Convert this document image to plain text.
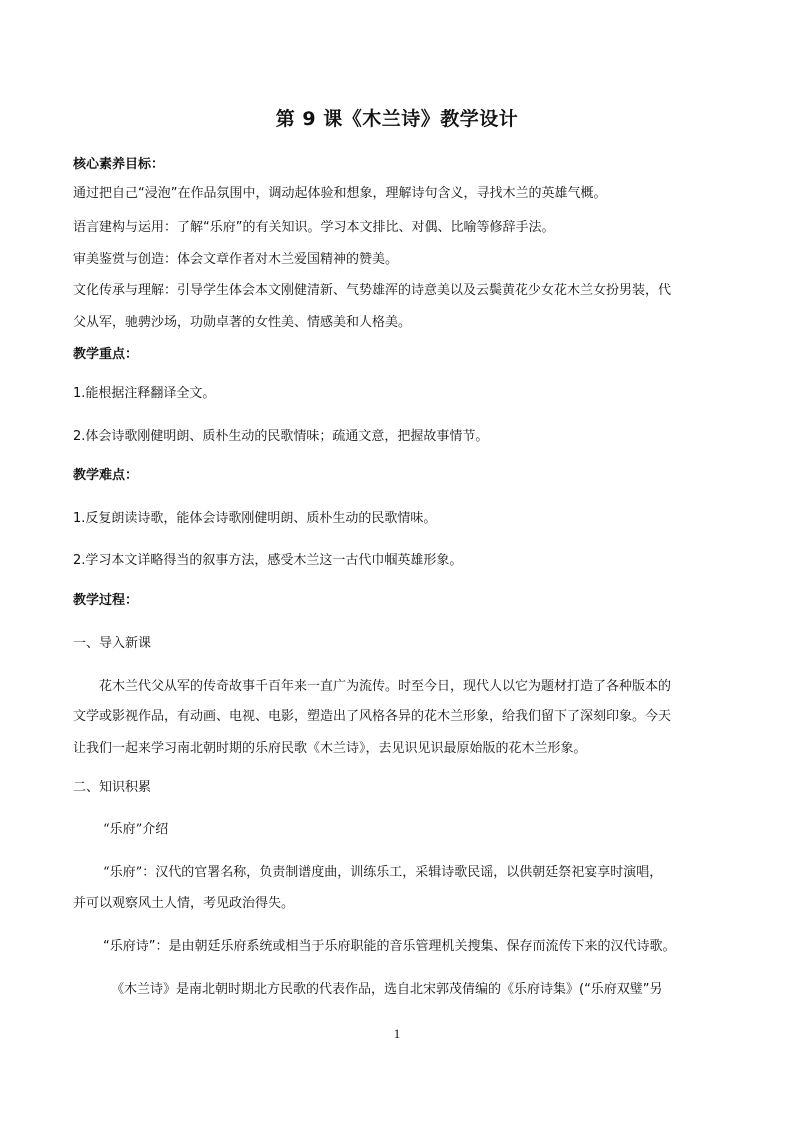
第 9 课《木兰诗》教学设计
核心素养目标：
通过把自己“浸泡”在作品氛围中，调动起体验和想象，理解诗句含义，寻找木兰的英雄气概。
语言建构与运用：了解“乐府”的有关知识。学习本文排比、对偶、比喻等修辞手法。
审美鉴赏与创造：体会文章作者对木兰爱国精神的赞美。
文化传承与理解：引导学生体会本文刚健清新、气势雄浑的诗意美以及云鬓黄花少女花木兰女扮男装，代
父从军，驰骋沙场，功勋卓著的女性美、情感美和人格美。
教学重点：
1.能根据注释翻译全文。
2.体会诗歌刚健明朗、质朴生动的民歌情味；疏通文意，把握故事情节。
教学难点：
1.反复朗读诗歌，能体会诗歌刚健明朗、质朴生动的民歌情味。
2.学习本文详略得当的叙事方法，感受木兰这一古代巾帼英雄形象。
教学过程：
一、导入新课
花木兰代父从军的传奇故事千百年来一直广为流传。时至今日，现代人以它为题材打造了各种版本的
文学或影视作品，有动画、电视、电影，塑造出了风格各异的花木兰形象，给我们留下了深刻印象。今天
让我们一起来学习南北朝时期的乐府民歌《木兰诗》，去见识见识最原始版的花木兰形象。
二、知识积累
“乐府”介绍
“乐府”：汉代的官署名称，负责制谱度曲，训练乐工，采辑诗歌民谣，以供朝廷祭祀宴享时演唱，
并可以观察风土人情，考见政治得失。
“乐府诗”：是由朝廷乐府系统或相当于乐府职能的音乐管理机关搜集、保存而流传下来的汉代诗歌。
《木兰诗》是南北朝时期北方民歌的代表作品，选自北宋郭茂倩编的《乐府诗集》(“乐府双璧”另
1
